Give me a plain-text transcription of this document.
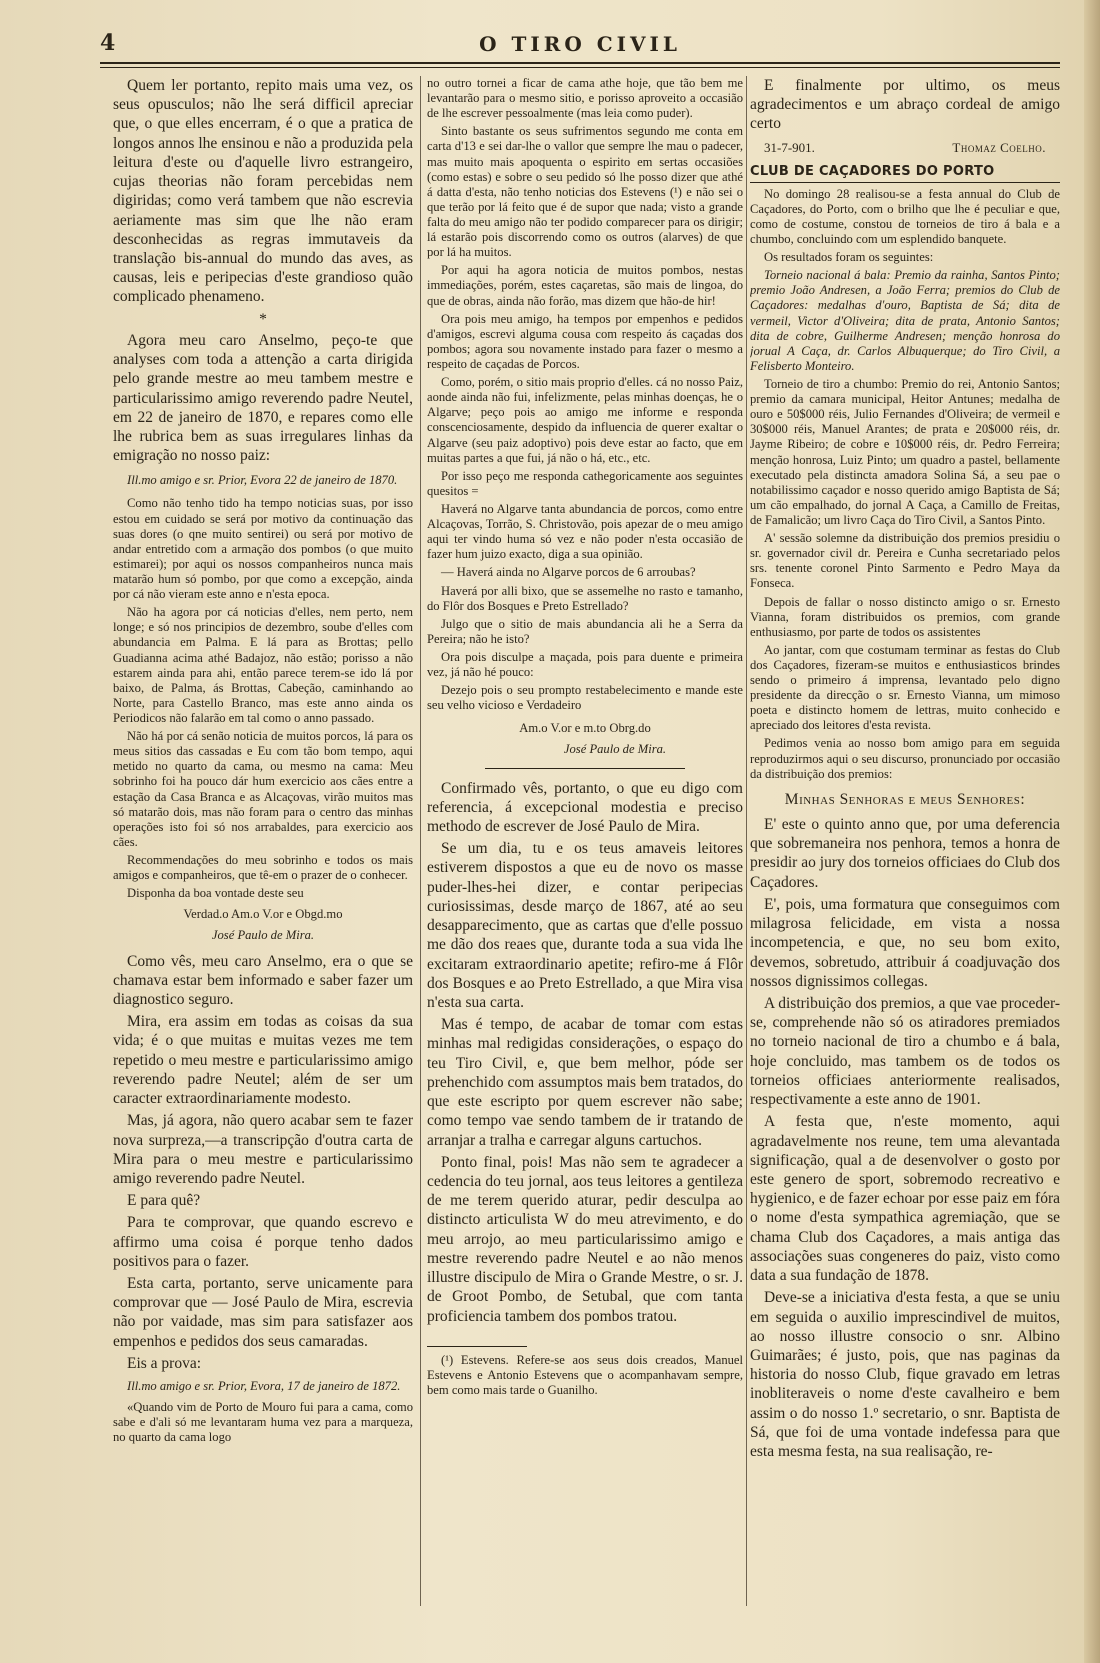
4	O TIRO CIVIL

Quem ler portanto, repito mais uma vez, os seus opusculos; não lhe será difficil apreciar que, o que elles encerram, é o que a pratica de longos annos lhe ensinou e não a produzida pela leitura d'este ou d'aquelle livro estrangeiro, cujas theorias não foram percebidas nem digiridas; como verá tambem que não escrevia aeriamente mas sim que lhe não eram desconhecidas as regras immutaveis da translação bis-annual do mundo das aves, as causas, leis e peripecias d'este grandioso quão complicado phenameno.

*

Agora meu caro Anselmo, peço-te que analyses com toda a attenção a carta dirigida pelo grande mestre ao meu tambem mestre e particularissimo amigo reverendo padre Neutel, em 22 de janeiro de 1870, e repares como elle lhe rubrica bem as suas irregulares linhas da emigração no nosso paiz:

Ill.mo amigo e sr. Prior, Evora 22 de janeiro de 1870.

Como não tenho tido ha tempo noticias suas, por isso estou em cuidado se será por motivo da continuação das suas dores (o qne muito sentirei) ou será por motivo de andar entretido com a armação dos pombos (o que muito estimarei); por aqui os nossos companheiros nunca mais matarão hum só pombo, por que como a excepção, ainda por cá não vieram este anno e n'esta epoca.

Não ha agora por cá noticias d'elles, nem perto, nem longe; e só nos principios de dezembro, soube d'elles com abundancia em Palma. E lá para as Brottas; pello Guadianna acima athé Badajoz, não estão; porisso a não estarem ainda para ahi, então parece terem-se ido lá por baixo, de Palma, ás Brottas, Cabeção, caminhando ao Norte, para Castello Branco, mas este anno ainda os Periodicos não falarão em tal como o anno passado.

Não há por cá senão noticia de muitos porcos, lá para os meus sitios das cassadas e Eu com tão bom tempo, aqui metido no quarto da cama, ou mesmo na cama: Meu sobrinho foi ha pouco dár hum exercicio aos cães entre a estação da Casa Branca e as Alcaçovas, virão muitos mas só matarão dois, mas não foram para o centro das minhas operações isto foi só nos arrabaldes, para exercicio aos cães.

Recommendações do meu sobrinho e todos os mais amigos e companheiros, que tê-em o prazer de o conhecer.

Disponha da boa vontade deste seu

Verdad.o Am.o V.or e Obgd.mo

José Paulo de Mira.

Como vês, meu caro Anselmo, era o que se chamava estar bem informado e saber fazer um diagnostico seguro.

Mira, era assim em todas as coisas da sua vida; é o que muitas e muitas vezes me tem repetido o meu mestre e particularissimo amigo reverendo padre Neutel; além de ser um caracter extraordinariamente modesto.

Mas, já agora, não quero acabar sem te fazer nova surpreza,—a transcripção d'outra carta de Mira para o meu mestre e particularissimo amigo reverendo padre Neutel.

E para quê?

Para te comprovar, que quando escrevo e affirmo uma coisa é porque tenho dados positivos para o fazer.

Esta carta, portanto, serve unicamente para comprovar que — José Paulo de Mira, escrevia não por vaidade, mas sim para satisfazer aos empenhos e pedidos dos seus camaradas.

Eis a prova:

Ill.mo amigo e sr. Prior, Evora, 17 de janeiro de 1872.

«Quando vim de Porto de Mouro fui para a cama, como sabe e d'ali só me levantaram huma vez para a marqueza, no quarto da cama logo

no outro tornei a ficar de cama athe hoje, que tão bem me levantarão para o mesmo sitio, e porisso aproveito a occasião de lhe escrever pessoalmente (mas leia como puder).

Sinto bastante os seus sufrimentos segundo me conta em carta d'13 e sei dar-lhe o vallor que sempre lhe mau o padecer, mas muito mais apoquenta o espirito em sertas occasiões (como estas) e sobre o seu pedido só lhe posso dizer que athé á datta d'esta, não tenho noticias dos Estevens (¹) e não sei o que terão por lá feito que é de supor que nada; visto a grande falta do meu amigo não ter podido comparecer para os dirigir; lá estarão pois discorrendo como os outros (alarves) de que por lá ha muitos.

Por aqui ha agora noticia de muitos pombos, nestas immediações, porém, estes caçaretas, são mais de lingoa, do que de obras, ainda não forão, mas dizem que hão-de hir!

Ora pois meu amigo, ha tempos por empenhos e pedidos d'amigos, escrevi alguma cousa com respeito ás caçadas dos pombos; agora sou novamente instado para fazer o mesmo a respeito de caçadas de Porcos.

Como, porém, o sitio mais proprio d'elles. cá no nosso Paiz, aonde ainda não fui, infelizmente, pelas minhas doenças, he o Algarve; peço pois ao amigo me informe e responda conscenciosamente, despido da influencia de querer exaltar o Algarve (seu paiz adoptivo) pois deve estar ao facto, que em muitas partes a que fui, já não o há, etc., etc.

Por isso peço me responda cathegoricamente aos seguintes quesitos =

Haverá no Algarve tanta abundancia de porcos, como entre Alcaçovas, Torrão, S. Christovão, pois apezar de o meu amigo aqui ter vindo huma só vez e não poder n'esta occasião de fazer hum juizo exacto, diga a sua opinião.

— Haverá ainda no Algarve porcos de 6 arroubas?

Haverá por alli bixo, que se assemelhe no rasto e tamanho, do Flôr dos Bosques e Preto Estrellado?

Julgo que o sitio de mais abundancia ali he a Serra da Pereira; não he isto?

Ora pois disculpe a maçada, pois para duente e primeira vez, já não hé pouco:

Dezejo pois o seu prompto restabelecimento e mande este seu velho vicioso e Verdadeiro

Am.o V.or e m.to Obrg.do

José Paulo de Mira.

Confirmado vês, portanto, o que eu digo com referencia, á excepcional modestia e preciso methodo de escrever de José Paulo de Mira.

Se um dia, tu e os teus amaveis leitores estiverem dispostos a que eu de novo os masse puder-lhes-hei dizer, e contar peripecias curiosissimas, desde março de 1867, até ao seu desapparecimento, que as cartas que d'elle possuo me dão dos reaes que, durante toda a sua vida lhe excitaram extraordinario apetite; refiro-me á Flôr dos Bosques e ao Preto Estrellado, a que Mira visa n'esta sua carta.

Mas é tempo, de acabar de tomar com estas minhas mal redigidas considerações, o espaço do teu Tiro Civil, e, que bem melhor, póde ser prehenchido com assumptos mais bem tratados, do que este escripto por quem escrever não sabe; como tempo vae sendo tambem de ir tratando de arranjar a tralha e carregar alguns cartuchos.

Ponto final, pois! Mas não sem te agradecer a cedencia do teu jornal, aos teus leitores a gentileza de me terem querido aturar, pedir desculpa ao distincto articulista W do meu atrevimento, e do meu arrojo, ao meu particularissimo amigo e mestre reverendo padre Neutel e ao não menos illustre discipulo de Mira o Grande Mestre, o sr. J. de Groot Pombo, de Setubal, que com tanta proficiencia tambem dos pombos tratou.

(¹) Estevens. Refere-se aos seus dois creados, Manuel Estevens e Antonio Estevens que o acompanhavam sempre, bem como mais tarde o Guanilho.

E finalmente por ultimo, os meus agradecimentos e um abraço cordeal de amigo certo

31-7-901.	Thomaz Coelho.
CLUB DE CAÇADORES DO PORTO

No domingo 28 realisou-se a festa annual do Club de Caçadores, do Porto, com o brilho que lhe é peculiar e que, como de costume, constou de torneios de tiro á bala e a chumbo, concluindo com um esplendido banquete.

Os resultados foram os seguintes:

Torneio nacional á bala: Premio da rainha, Santos Pinto; premio João Andresen, a João Ferra; premios do Club de Caçadores: medalhas d'ouro, Baptista de Sá; dita de vermeil, Victor d'Oliveira; dita de prata, Antonio Santos; dita de cobre, Guilherme Andresen; menção honrosa do jorual A Caça, dr. Carlos Albuquerque; do Tiro Civil, a Felisberto Monteiro.

Torneio de tiro a chumbo: Premio do rei, Antonio Santos; premio da camara municipal, Heitor Antunes; medalha de ouro e 50$000 réis, Julio Fernandes d'Oliveira; de vermeil e 30$000 réis, Manuel Arantes; de prata e 20$000 réis, dr. Jayme Ribeiro; de cobre e 10$000 réis, dr. Pedro Ferreira; menção honrosa, Luiz Pinto; um quadro a pastel, bellamente executado pela distincta amadora Solina Sá, a seu pae o notabilissimo caçador e nosso querido amigo Baptista de Sá; um cão empalhado, do jornal A Caça, a Camillo de Freitas, de Famalicão; um livro Caça do Tiro Civil, a Santos Pinto.

A' sessão solemne da distribuição dos premios presidiu o sr. governador civil dr. Pereira e Cunha secretariado pelos srs. tenente coronel Pinto Sarmento e Pedro Maya da Fonseca.

Depois de fallar o nosso distincto amigo o sr. Ernesto Vianna, foram distribuidos os premios, com grande enthusiasmo, por parte de todos os assistentes

Ao jantar, com que costumam terminar as festas do Club dos Caçadores, fizeram-se muitos e enthusiasticos brindes sendo o primeiro á imprensa, levantado pelo digno presidente da direcção o sr. Ernesto Vianna, um mimoso poeta e distincto homem de lettras, muito conhecido e apreciado dos leitores d'esta revista.

Pedimos venia ao nosso bom amigo para em seguida reproduzirmos aqui o seu discurso, pronunciado por occasião da distribuição dos premios:

Minhas Senhoras e meus Senhores:

E' este o quinto anno que, por uma deferencia que sobremaneira nos penhora, temos a honra de presidir ao jury dos torneios officiaes do Club dos Caçadores.

E', pois, uma formatura que conseguimos com milagrosa felicidade, em vista a nossa incompetencia, e que, no seu bom exito, devemos, sobretudo, attribuir á coadjuvação dos nossos dignissimos collegas.

A distribuição dos premios, a que vae proceder-se, comprehende não só os atiradores premiados no torneio nacional de tiro a chumbo e á bala, hoje concluido, mas tambem os de todos os torneios officiaes anteriormente realisados, respectivamente a este anno de 1901.

A festa que, n'este momento, aqui agradavelmente nos reune, tem uma alevantada significação, qual a de desenvolver o gosto por este genero de sport, sobremodo recreativo e hygienico, e de fazer echoar por esse paiz em fóra o nome d'esta sympathica agremiação, que se chama Club dos Caçadores, a mais antiga das associações suas congeneres do paiz, visto como data a sua fundação de 1878.

Deve-se a iniciativa d'esta festa, a que se uniu em seguida o auxilio imprescindivel de muitos, ao nosso illustre consocio o snr. Albino Guimarães; é justo, pois, que nas paginas da historia do nosso Club, fique gravado em letras inobliteraveis o nome d'este cavalheiro e bem assim o do nosso 1.º secretario, o snr. Baptista de Sá, que foi de uma vontade indefessa para que esta mesma festa, na sua realisação, re-
